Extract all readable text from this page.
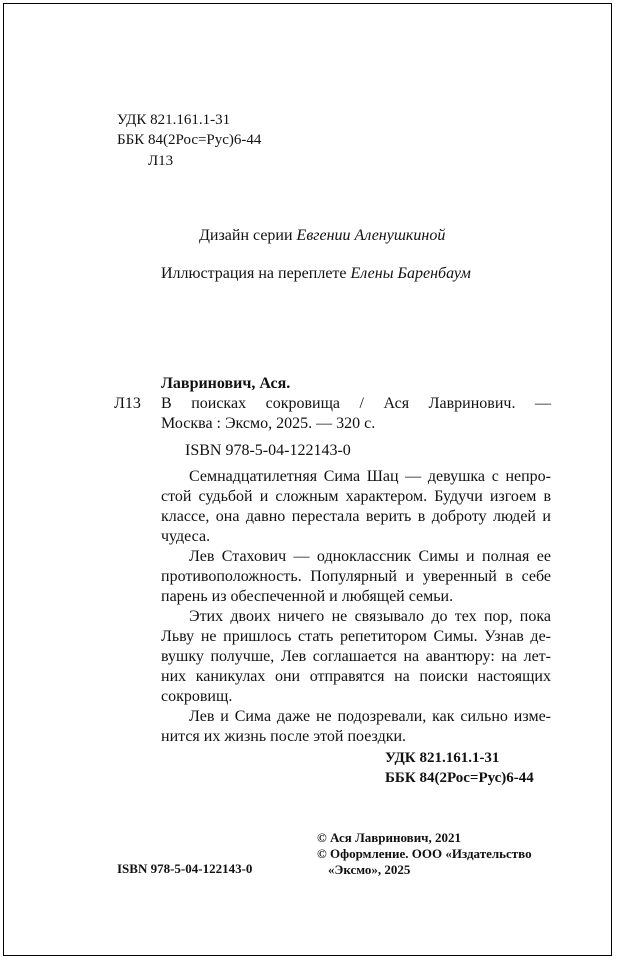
УДК 821.161.1-31
ББК 84(2Рос=Рус)6-44
Л13
Дизайн серии Евгении Аленушкиной
Иллюстрация на переплете Елены Баренбаум
Лавринович, Ася.
Л13 В поисках сокровища / Ася Лавринович. —
Москва : Эксмо, 2025. — 320 с.
ISBN 978-5-04-122143-0
Семнадцатилетняя Сима Шац — девушка с непро-
стой судьбой и сложным характером. Будучи изгоем в
классе, она давно перестала верить в доброту людей и
чудеса.
Лев Стахович — одноклассник Симы и полная ее
противоположность. Популярный и уверенный в себе
парень из обеспеченной и любящей семьи.
Этих двоих ничего не связывало до тех пор, пока
Льву не пришлось стать репетитором Симы. Узнав де-
вушку получше, Лев соглашается на авантюру: на лет-
них каникулах они отправятся на поиски настоящих
сокровищ.
Лев и Сима даже не подозревали, как сильно изме-
нится их жизнь после этой поездки.
УДК 821.161.1-31
ББК 84(2Рос=Рус)6-44
ISBN 978-5-04-122143-0
© Ася Лавринович, 2021
© Оформление. ООО «Издательство
«Эксмо», 2025
